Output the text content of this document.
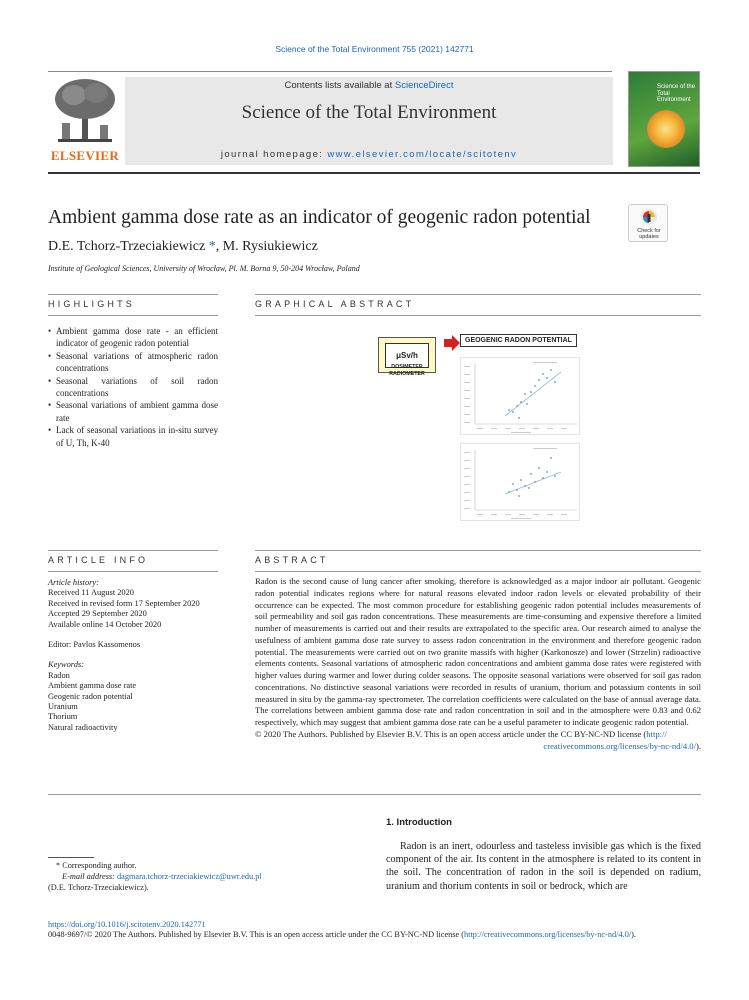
Science of the Total Environment 755 (2021) 142771
ELSEVIER
Contents lists available at ScienceDirect
Science of the Total Environment
journal homepage: www.elsevier.com/locate/scitotenv
Science of the
Total Environment
Ambient gamma dose rate as an indicator of geogenic radon potential
Check for
updates
D.E. Tchorz-Trzeciakiewicz *, M. Rysiukiewicz
Institute of Geological Sciences, University of Wrocław, Pl. M. Borna 9, 50-204 Wrocław, Poland
HIGHLIGHTS	GRAPHICAL ABSTRACT
• Ambient gamma dose rate - an efficient indicator of geogenic radon potential
• Seasonal variations of atmospheric radon concentrations
• Seasonal variations of soil radon concentrations
• Seasonal variations of ambient gamma dose rate
• Lack of seasonal variations in in-situ survey of U, Th, K-40
μSv/h
DOSIMETER
RADIOMETER
GEOGENIC RADON POTENTIAL
ARTICLE INFO	ABSTRACT
Article history:
Received 11 August 2020
Received in revised form 17 September 2020
Accepted 29 September 2020
Available online 14 October 2020
Editor: Pavlos Kassomenos
Keywords:
Radon
Ambient gamma dose rate
Geogenic radon potential
Uranium
Thorium
Natural radioactivity
Radon is the second cause of lung cancer after smoking, therefore is acknowledged as a major indoor air pollutant. Geogenic radon potential indicates regions where for natural reasons elevated indoor radon levels or elevated probability of their occurrence can be expected. The most common procedure for establishing geogenic radon potential includes measurements of soil permeability and soil gas radon concentrations. These measurements are time-consuming and expensive therefore a limited number of measurements is carried out and their results are extrapolated to the specific area. Our research aimed to analyse the usefulness of ambient gamma dose rate survey to assess radon concentration in the environment and therefore geogenic radon potential. The measurements were carried out on two granite massifs with higher (Karkonosze) and lower (Strzelin) radioactive elements contents. Seasonal variations of atmospheric radon concentrations and ambient gamma dose rates were registered with higher values during warmer and lower during colder seasons. The opposite seasonal variations were observed for soil gas radon concentrations. No distinctive seasonal variations were recorded in results of uranium, thorium and potassium contents in soil measured in situ by the gamma-ray spectrometer. The correlation coefficients were calculated on the base of annual average data. The correlations between ambient gamma dose rate and radon concentration in soil and in the atmosphere were 0.83 and 0.62 respectively, which may suggest that ambient gamma dose rate can be a useful parameter to indicate geogenic radon potential.
© 2020 The Authors. Published by Elsevier B.V. This is an open access article under the CC BY-NC-ND license (http://
creativecommons.org/licenses/by-nc-nd/4.0/).
1. Introduction
Radon is an inert, odourless and tasteless invisible gas which is the fixed component of the air. Its content in the atmosphere is related to its content in the soil. The concentration of radon in the soil is depended on radium, uranium and thorium contents in soil or bedrock, which are
* Corresponding author.
E-mail address: dagmara.tchorz-trzeciakiewicz@uwr.edu.pl
(D.E. Tchorz-Trzeciakiewicz).
https://doi.org/10.1016/j.scitotenv.2020.142771
0048-9697/© 2020 The Authors. Published by Elsevier B.V. This is an open access article under the CC BY-NC-ND license (http://creativecommons.org/licenses/by-nc-nd/4.0/).
